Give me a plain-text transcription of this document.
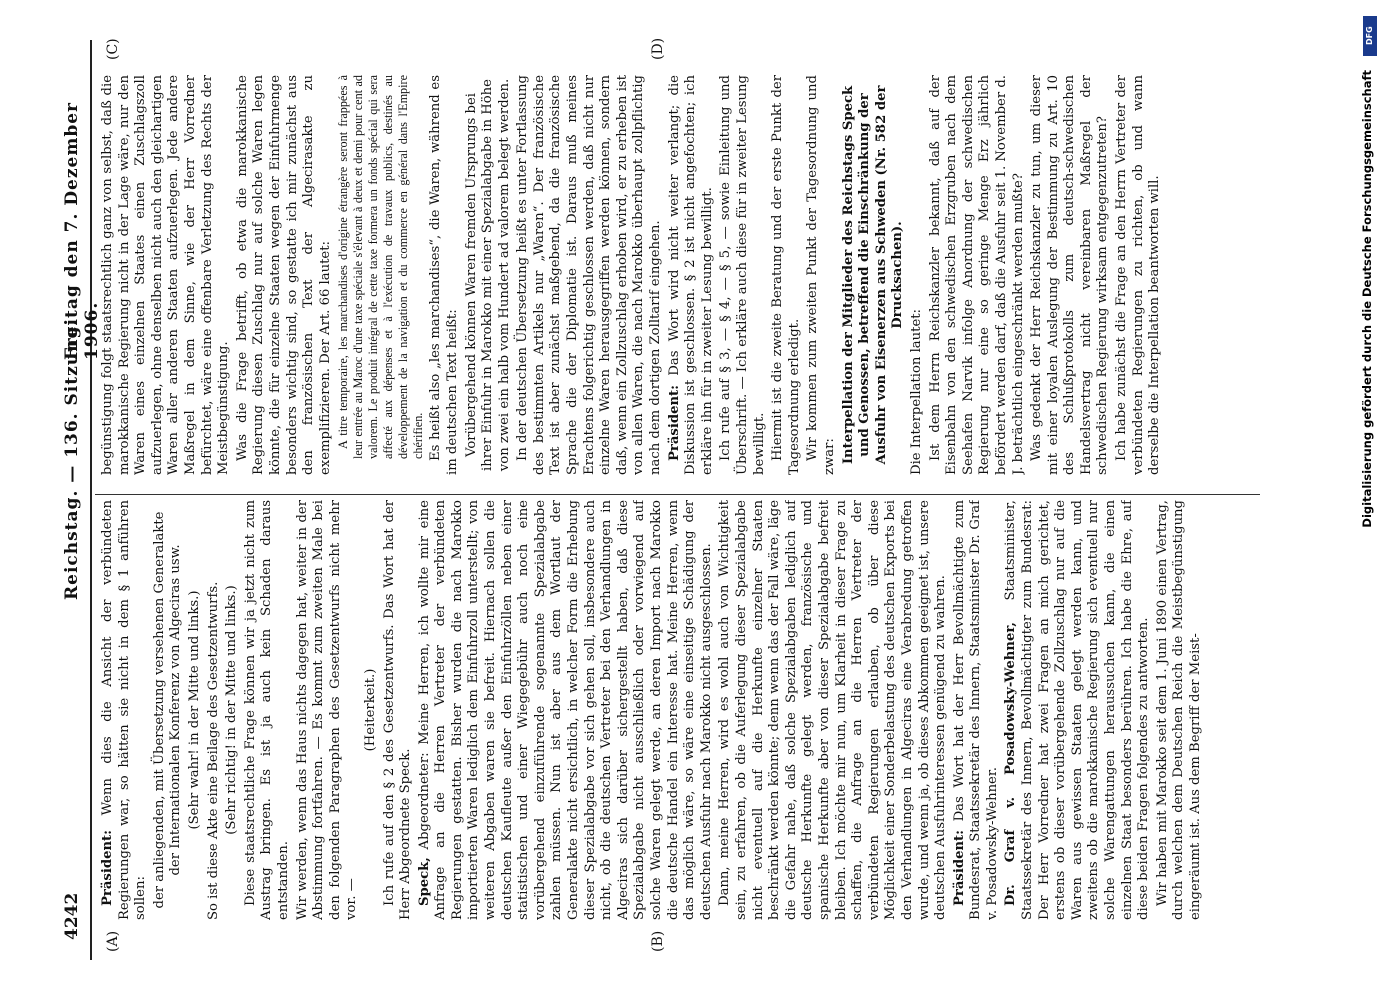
4242
Reichstag. — 136. Sitzung.
Freitag den 7. Dezember 1906.
(A)	(B)
(C)	(D)

Präsident: Wenn dies die Ansicht der verbündeten Regierungen war, so hätten sie nicht in dem § 1 anführen sollen: der anliegenden, mit Übersetzung versehenen Generalakte der Internationalen Konferenz von Algeciras usw. (Sehr wahr! in der Mitte und links.) So ist diese Akte eine Beilage des Gesetzentwurfs. (Sehr richtig! in der Mitte und links.) Diese staatsrechtliche Frage können wir ja jetzt nicht zum Austrag bringen. Es ist ja auch kein Schaden daraus entstanden. Wir werden, wenn das Haus nichts dagegen hat, weiter in der Abstimmung fortfahren. — Es kommt zum zweiten Male bei den folgenden Paragraphen des Gesetzentwurfs nicht mehr vor. —

(Heiterkeit.) Ich rufe auf den § 2 des Gesetzentwurfs. Das Wort hat der Herr Abgeordnete Speck. Speck, Abgeordneter: Meine Herren, ich wollte mir eine Anfrage an die Herren Vertreter der verbündeten Regierungen gestatten. Bisher wurden die nach Marokko importierten Waren lediglich dem Einfuhrzoll unterstellt; von weiteren Abgaben waren sie befreit. Hiernach sollen die deutschen Kaufleute außer den Einfuhrzöllen neben einer statistischen und einer Wiegegebühr auch noch eine vorübergehend einzuführende sogenannte Spezialabgabe zahlen müssen. Nun ist aber aus dem Wortlaut der Generalakte nicht ersichtlich, in welcher Form die Erhebung dieser Spezialabgabe vor sich gehen soll, insbesondere auch nicht, ob die deutschen Vertreter bei den Verhandlungen in Algeciras sich darüber sichergestellt haben, daß diese Spezialabgabe nicht ausschließlich oder vorwiegend auf solche Waren gelegt werde, an deren Import nach Marokko die deutsche Handel ein Interesse hat. Meine Herren, wenn das möglich wäre, so wäre eine einseitige Schädigung der deutschen Ausfuhr nach Marokko nicht ausgeschlossen. Dann, meine Herren, wird es wohl auch von Wichtigkeit sein, zu erfahren, ob die Auferlegung dieser Spezialabgabe nicht eventuell auf die Herkunfte einzelner Staaten beschränkt werden könnte; denn wenn das der Fall wäre, läge die Gefahr nahe, daß solche Spezialabgaben lediglich auf deutsche Herkunfte gelegt werden, französische und spanische Herkunfte aber von dieser Spezialabgabe befreit bleiben. Ich möchte mir nun, um Klarheit in dieser Frage zu schaffen, die Anfrage an die Herren Vertreter der verbündeten Regierungen erlauben, ob über diese Möglichkeit einer Sonderbelastung des deutschen Exports bei den Verhandlungen in Algeciras eine Verabredung getroffen wurde, und wenn ja, ob dieses Abkommen geeignet ist, unsere deutschen Ausfuhrinteressen genügend zu wahren. Präsident: Das Wort hat der Herr Bevollmächtigte zum Bundesrat, Staatssekretär des Innern, Staatsminister Dr. Graf v. Posadowsky-Wehner. Dr. Graf v. Posadowsky-Wehner, Staatsminister, Staatssekretär des Innern, Bevollmächtigter zum Bundesrat: Der Herr Vorredner hat zwei Fragen an mich gerichtet, erstens ob dieser vorübergehende Zollzuschlag nur auf die Waren aus gewissen Staaten gelegt werden kann, und zweitens ob die marokkanische Regierung sich eventuell nur solche Warengattungen heraussuchen kann, die einen einzelnen Staat besonders berühren. Ich habe die Ehre, auf diese beiden Fragen folgendes zu antworten. Wir haben mit Marokko seit dem 1. Juni 1890 einen Vertrag, durch welchen dem Deutschen Reich die Meistbegünstigung eingeräumt ist. Aus dem Begriff der Meist-

begünstigung folgt staatsrechtlich ganz von selbst, daß die marokkanische Regierung nicht in der Lage wäre, nur den Waren eines einzelnen Staates einen Zuschlagszoll aufzuerlegen, ohne denselben nicht auch den gleichartigen Waren aller anderen Staaten aufzuerlegen. Jede andere Maßregel in dem Sinne, wie der Herr Vorredner befürchtet, wäre eine offenbare Verletzung des Rechts der Meistbegünstigung. Was die Frage betrifft, ob etwa die marokkanische Regierung diesen Zuschlag nur auf solche Waren legen könnte, die für einzelne Staaten wegen der Einfuhrmenge besonders wichtig sind, so gestatte ich mir zunächst aus den französischen Text der Algecirasakte zu exemplifizieren. Der Art. 66 lautet: A titre temporaire, les marchandises d'origine étrangère seront frappées à leur entrée au Maroc d'une taxe spéciale s'élevant à deux et demi pour cent ad valorem. Le produit intégral de cette taxe formera un fonds spécial qui sera affecté aux dépenses et à l'exécution de travaux publics, destinés au développement de la navigation et du commerce en général dans l'Empire chérifien. Es heißt also „les marchandises“, die Waren, während es im deutschen Text heißt: Vorübergehend können Waren fremden Ursprungs bei ihrer Einfuhr in Marokko mit einer Spezialabgabe in Höhe von zwei ein halb vom Hundert ad valorem belegt werden. In der deutschen Übersetzung heißt es unter Fortlassung des bestimmten Artikels nur „Waren“. Der französische Text ist aber zunächst maßgebend, da die französische Sprache die der Diplomatie ist. Daraus muß meines Erachtens folgerichtig geschlossen werden, daß nicht nur einzelne Waren herausgegriffen werden können, sondern daß, wenn ein Zollzuschlag erhoben wird, er zu erheben ist von allen Waren, die nach Marokko überhaupt zollpflichtig nach dem dortigen Zolltarif eingehen. Präsident: Das Wort wird nicht weiter verlangt; die Diskussion ist geschlossen. § 2 ist nicht angefochten; ich erkläre ihn für in zweiter Lesung bewilligt. Ich rufe auf § 3, — § 4, — § 5, — sowie Einleitung und Überschrift. — Ich erkläre auch diese für in zweiter Lesung bewilligt. Hiermit ist die zweite Beratung und der erste Punkt der Tagesordnung erledigt. Wir kommen zum zweiten Punkt der Tagesordnung und zwar: Interpellation der Mitglieder des Reichstags Speck und Genossen, betreffend die Einschränkung der Ausfuhr von Eisenerzen aus Schweden (Nr. 582 der Drucksachen).

Die Interpellation lautet: Ist dem Herrn Reichskanzler bekannt, daß auf der Eisenbahn von den schwedischen Erzgruben nach dem Seehafen Narvik infolge Anordnung der schwedischen Regierung nur eine so geringe Menge Erz jährlich befördert werden darf, daß die Ausfuhr seit 1. November d. J. beträchtlich eingeschränkt werden mußte? Was gedenkt der Herr Reichskanzler zu tun, um dieser mit einer loyalen Auslegung der Bestimmung zu Art. 10 des Schlußprotokolls zum deutsch-schwedischen Handelsvertrag nicht vereinbaren Maßregel der schwedischen Regierung wirksam entgegenzutreten? Ich habe zunächst die Frage an den Herrn Vertreter der verbündeten Regierungen zu richten, ob und wann derselbe die Interpellation beantworten will.

DFG
Digitalisierung gefördert durch die Deutsche Forschungsgemeinschaft
